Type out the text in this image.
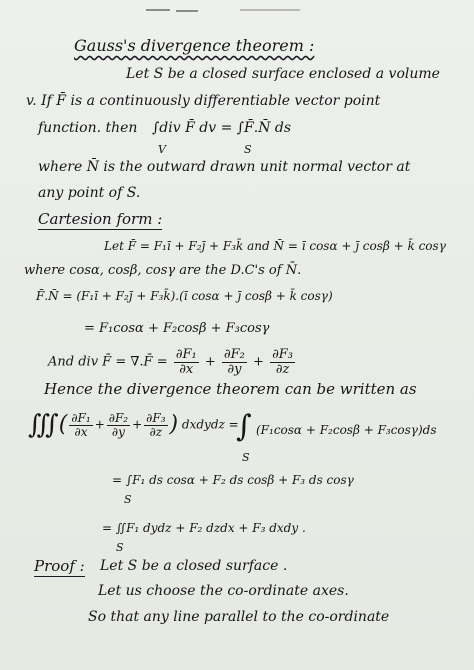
Gauss's divergence theorem :
Let S be a closed surface enclosed a volume
v. If F̄ is a continuously differentiable vector point
function. then ∫div F̄ dv = ∫F̄.N̄ ds
V	S
where N̄ is the outward drawn unit normal vector at
any point of S.
Cartesion form :
Let F̄ = F₁ī + F₂j̄ + F₃k̄ and N̄ = ī cosα + j̄ cosβ + k̄ cosγ
where cosα, cosβ, cosγ are the D.C's of N̄.
F̄.N̄ = (F₁ī + F₂j̄ + F₃k̄).(ī cosα + j̄ cosβ + k̄ cosγ)
= F₁cosα + F₂cosβ + F₃cosγ
And div F̄ = ∇.F̄ = $\frac{\text{∂F₁}}{\partial x} + \frac{\text{∂F₂}}{\partial y} + \frac{\text{∂F₃}}{\partial z}$
Hence the divergence theorem can be written as
∭( $\frac{\text{∂F₁}}{\partial x} + \frac{\text{∂F₂}}{\partial y} + \frac{\text{∂F₃}}{\partial z}$ ) dxdydz =
∫ (F₁cosα + F₂cosβ + F₃cosγ)ds
S
= ∫F₁ ds cosα + F₂ ds cosβ + F₃ ds cosγ
S
= ∬F₁ dydz + F₂ dzdx + F₃ dxdy .
S
Proof : Let S be a closed surface .
Let us choose the co-ordinate axes.
So that any line parallel to the co-ordinate
